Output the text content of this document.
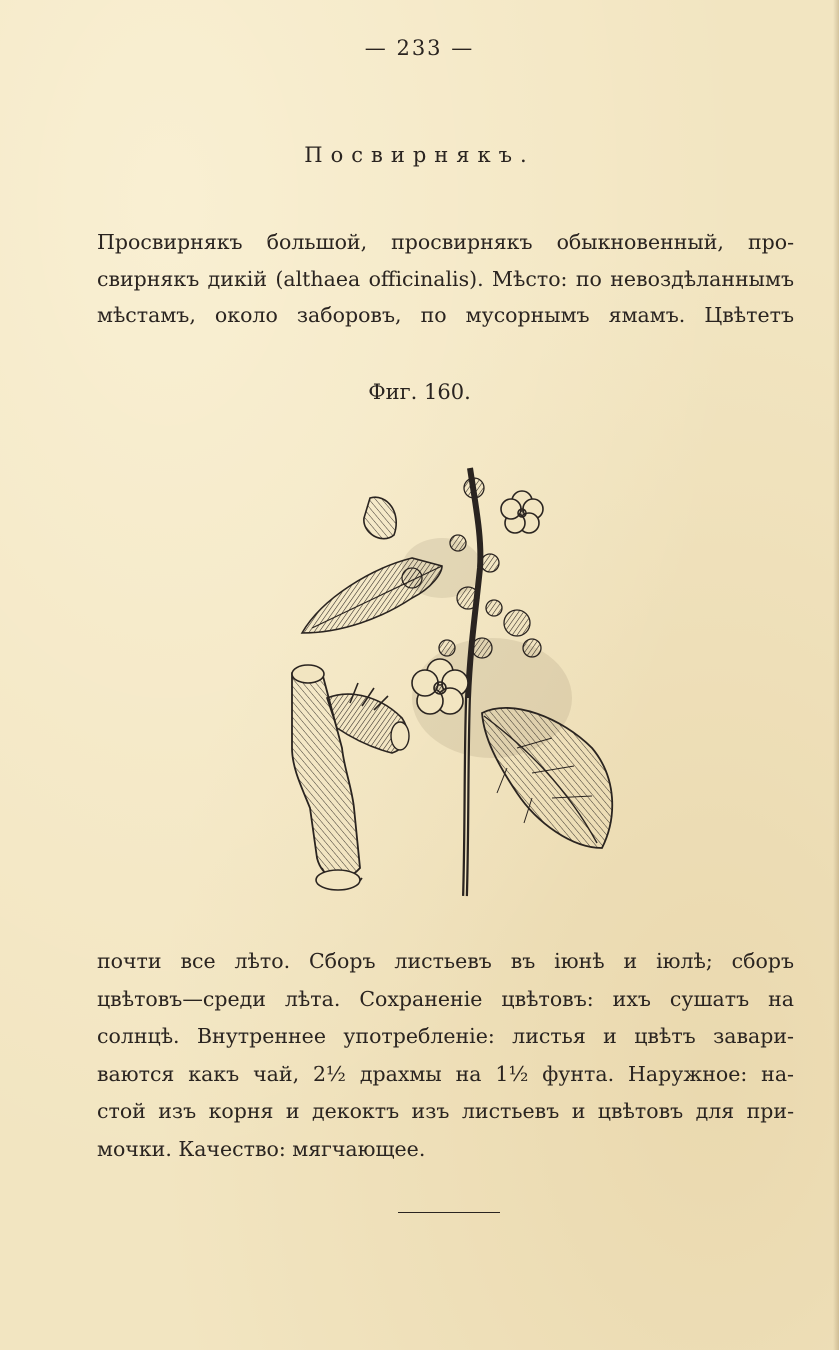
— 233 —
Посвирнякъ.

Просвирнякъ большой, просвирнякъ обыкновенный, про-
свирнякъ дикій (althaea officinalis). Мѣсто: по невоздѣланнымъ
мѣстамъ, около заборовъ, по мусорнымъ ямамъ. Цвѣтетъ

Фиг. 160.

почти все лѣто. Сборъ листьевъ въ іюнѣ и іюлѣ; сборъ
цвѣтовъ—среди лѣта. Сохраненіе цвѣтовъ: ихъ сушатъ на
солнцѣ. Внутреннее употребленіе: листья и цвѣтъ завари-
ваются какъ чай, 2½ драхмы на 1½ фунта. Наружное: на-
стой изъ корня и декоктъ изъ листьевъ и цвѣтовъ для при-
мочки. Качество: мягчающее.
